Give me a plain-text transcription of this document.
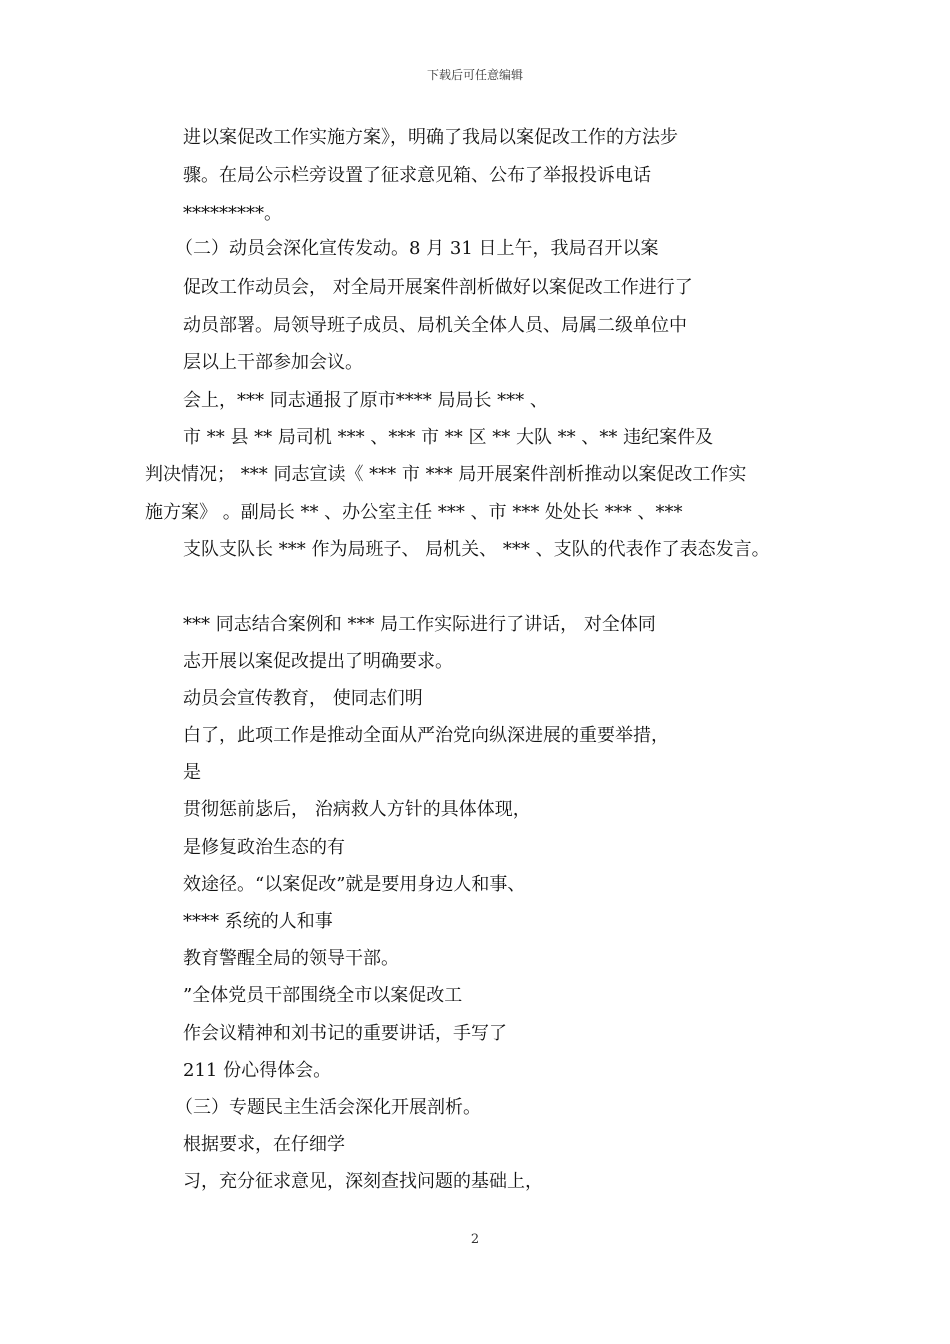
下载后可任意编辑
进以案促改工作实施方案》，明确了我局以案促改工作的方法步
骤。在局公示栏旁设置了征求意见箱、公布了举报投诉电话
*********。
（二）动员会深化宣传发动。8 月 31 日上午，我局召开以案
促改工作动员会， 对全局开展案件剖析做好以案促改工作进行了
动员部署。局领导班子成员、局机关全体人员、局属二级单位中
层以上干部参加会议。
会上，*** 同志通报了原市**** 局局长 *** 、
市 ** 县 ** 局司机 *** 、*** 市 ** 区 ** 大队 ** 、** 违纪案件及
判决情况； *** 同志宣读《 *** 市 *** 局开展案件剖析推动以案促改工作实
施方案》 。副局长 ** 、办公室主任 *** 、市 *** 处处长 *** 、***
支队支队长 *** 作为局班子、 局机关、 *** 、支队的代表作了表态发言。
*** 同志结合案例和 *** 局工作实际进行了讲话， 对全体同
志开展以案促改提出了明确要求。
动员会宣传教育， 使同志们明
白了，此项工作是推动全面从严治党向纵深进展的重要举措，
是
贯彻惩前毖后， 治病救人方针的具体体现，
是修复政治生态的有
效途径。“以案促改”就是要用身边人和事、
**** 系统的人和事
教育警醒全局的领导干部。
”全体党员干部围绕全市以案促改工
作会议精神和刘书记的重要讲话，手写了
211 份心得体会。
（三）专题民主生活会深化开展剖析。
根据要求，在仔细学
习，充分征求意见，深刻查找问题的基础上，
2
